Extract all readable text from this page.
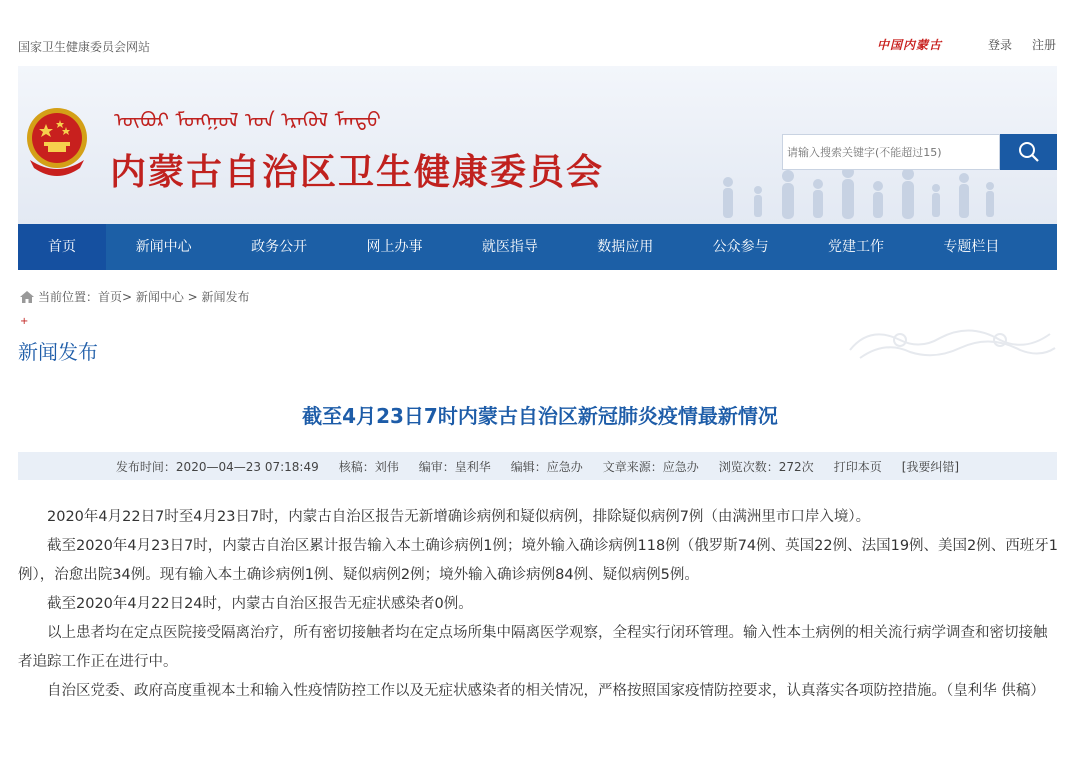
国家卫生健康委员会网站	中国内蒙古	登录 注册
ᠥᠪᠥᠷ ᠮᠣᠩᠭᠣᠯ ᠤᠨ ᠡᠷᠡᠭᠦᠯ ᠮᠡᠨᠳᠦ
内蒙古自治区卫生健康委员会
请输入搜索关键字(不能超过15)
首页	新闻中心	政务公开	网上办事	就医指导	数据应用	公众参与	党建工作	专题栏目
当前位置：首页> 新闻中心 > 新闻发布
+
新闻发布
截至4月23日7时内蒙古自治区新冠肺炎疫情最新情况
发布时间：2020—04—23 07:18:49 核稿：刘伟 编审：皇利华 编辑：应急办 文章来源：应急办 浏览次数：272次 打印本页 [我要纠错]

2020年4月22日7时至4月23日7时，内蒙古自治区报告无新增确诊病例和疑似病例，排除疑似病例7例（由满洲里市口岸入境）。

截至2020年4月23日7时，内蒙古自治区累计报告输入本土确诊病例1例；境外输入确诊病例118例（俄罗斯74例、英国22例、法国19例、美国2例、西班牙1例），治愈出院34例。现有输入本土确诊病例1例、疑似病例2例；境外输入确诊病例84例、疑似病例5例。

截至2020年4月22日24时，内蒙古自治区报告无症状感染者0例。

以上患者均在定点医院接受隔离治疗，所有密切接触者均在定点场所集中隔离医学观察，全程实行闭环管理。输入性本土病例的相关流行病学调查和密切接触者追踪工作正在进行中。

自治区党委、政府高度重视本土和输入性疫情防控工作以及无症状感染者的相关情况，严格按照国家疫情防控要求，认真落实各项防控措施。（皇利华 供稿）
